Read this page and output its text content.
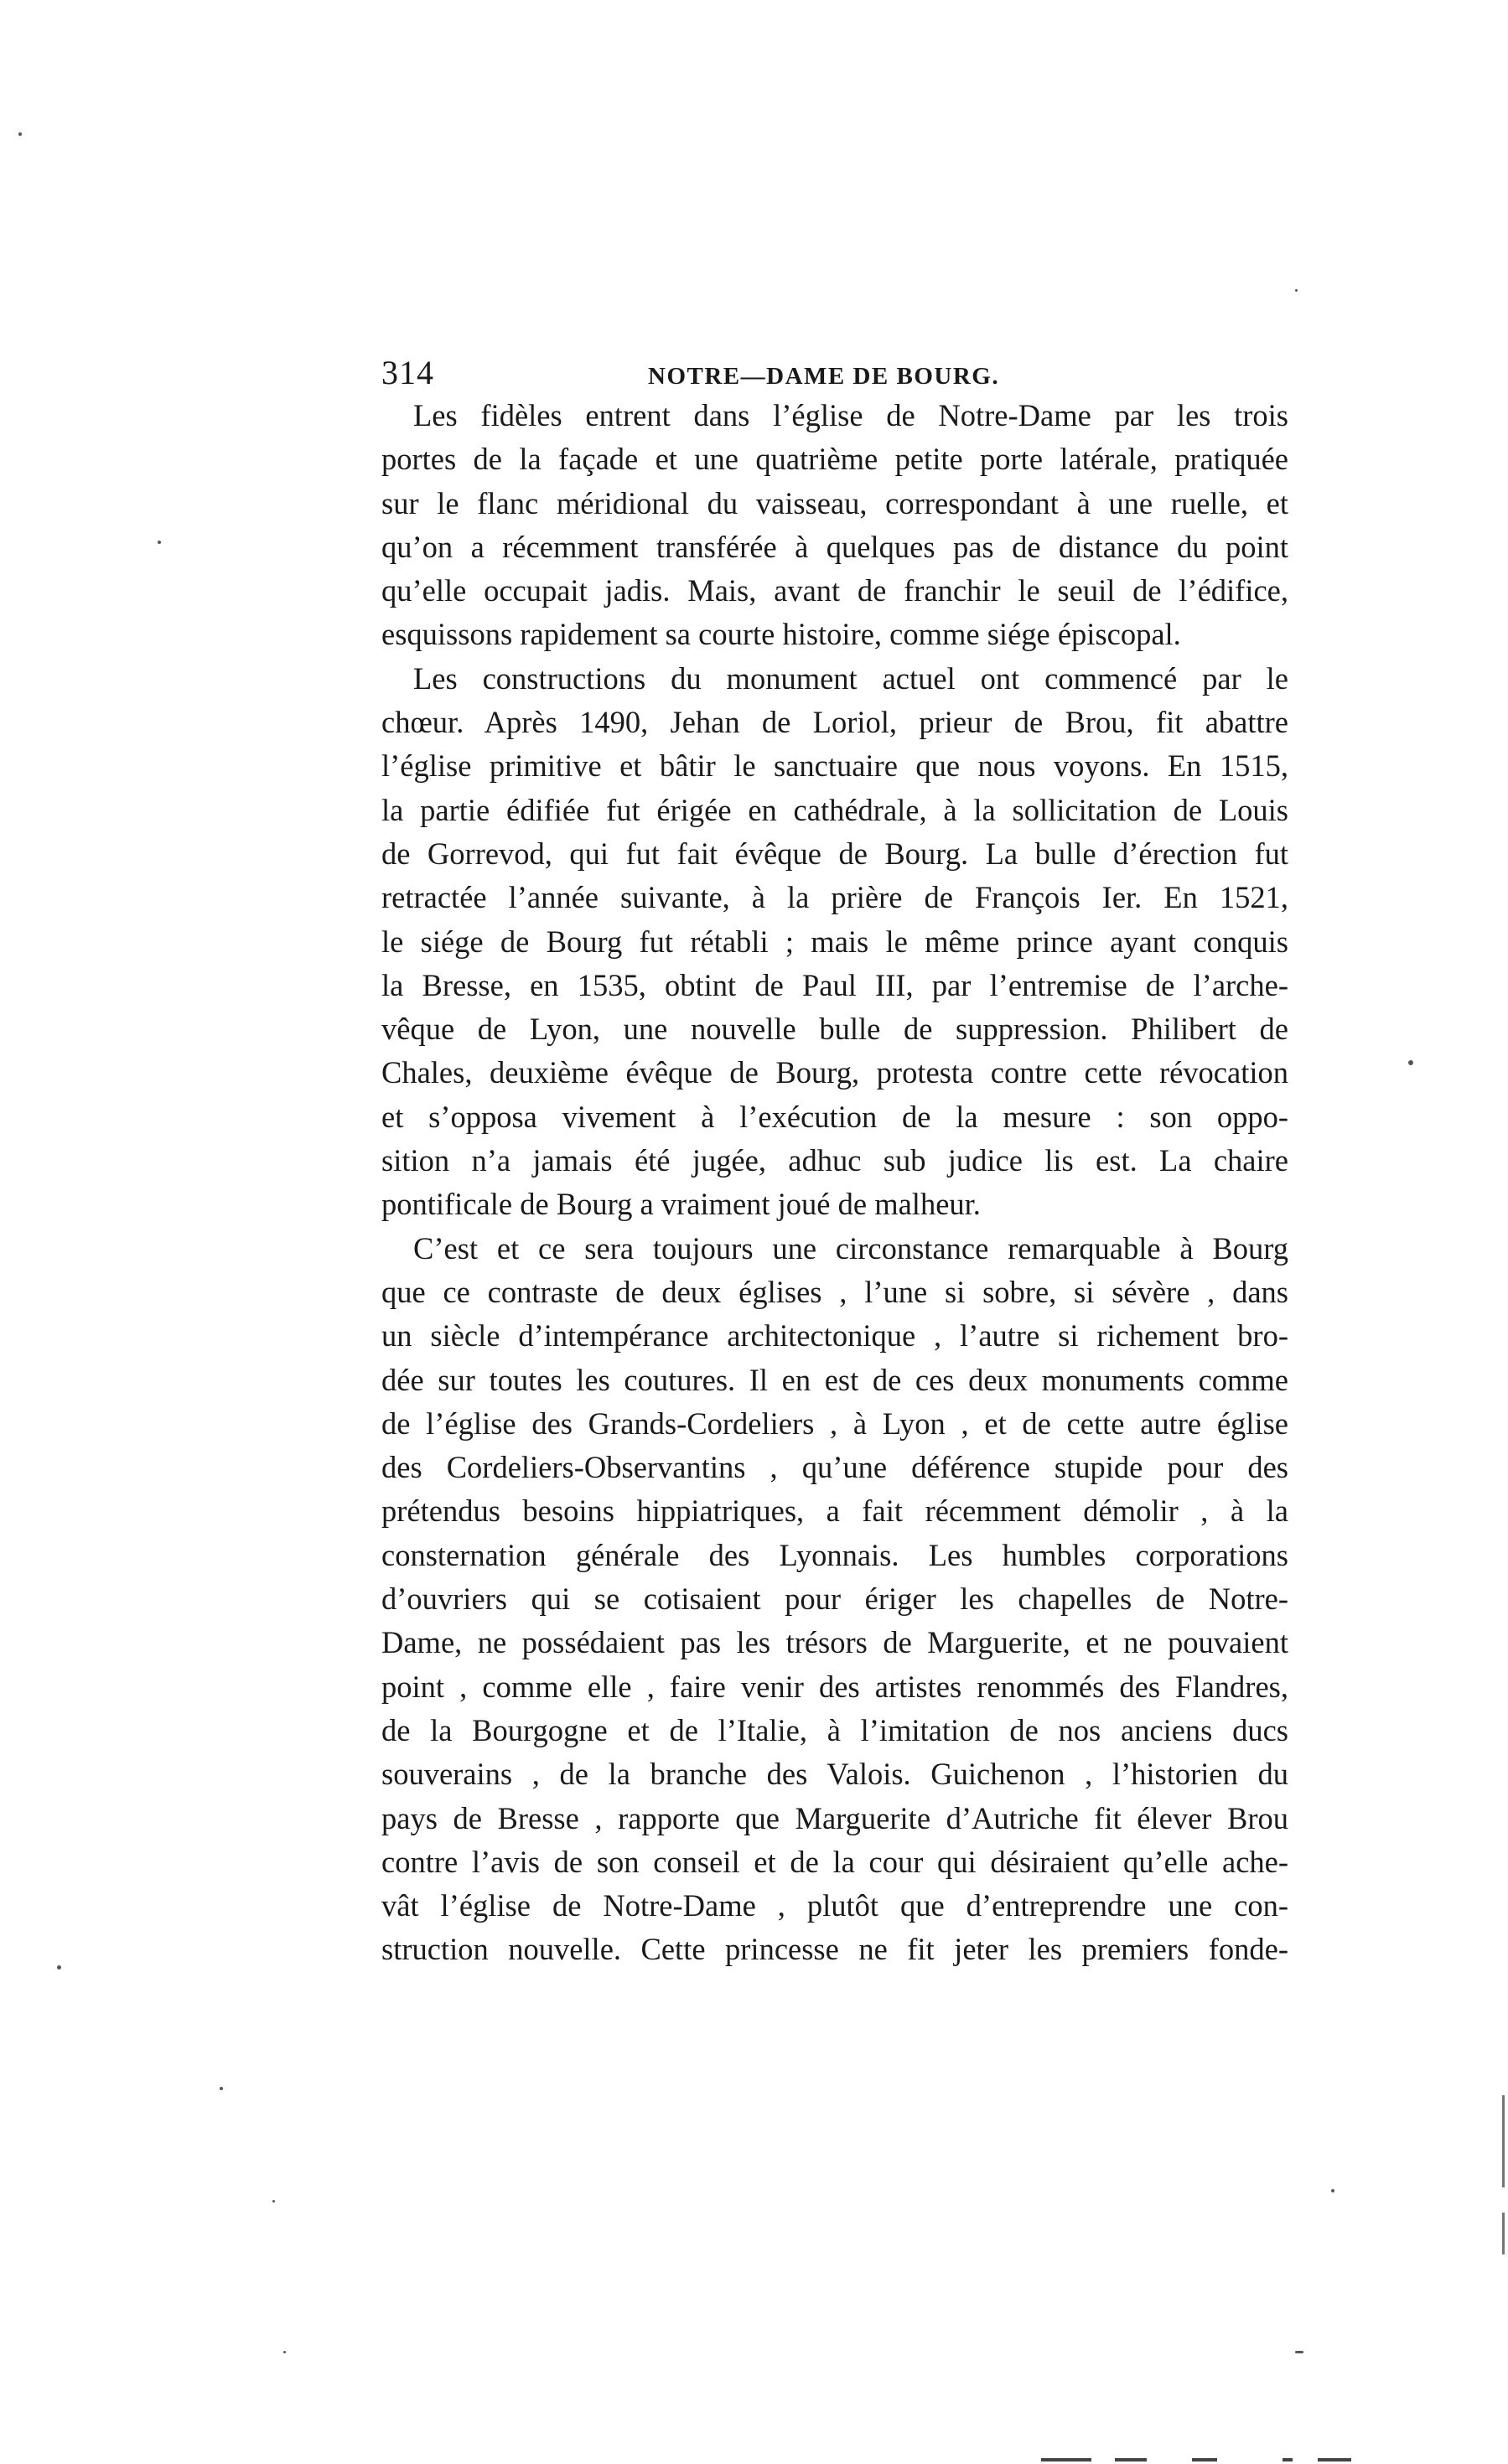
314	NOTRE—DAME DE BOURG.
Les fidèles entrent dans l’église de Notre-Dame par les trois
portes de la façade et une quatrième petite porte latérale, pratiquée
sur le flanc méridional du vaisseau, correspondant à une ruelle, et
qu’on a récemment transférée à quelques pas de distance du point
qu’elle occupait jadis. Mais, avant de franchir le seuil de l’édifice,
esquissons rapidement sa courte histoire, comme siége épiscopal.
Les constructions du monument actuel ont commencé par le
chœur. Après 1490, Jehan de Loriol, prieur de Brou, fit abattre
l’église primitive et bâtir le sanctuaire que nous voyons. En 1515,
la partie édifiée fut érigée en cathédrale, à la sollicitation de Louis
de Gorrevod, qui fut fait évêque de Bourg. La bulle d’érection fut
retractée l’année suivante, à la prière de François Ier. En 1521,
le siége de Bourg fut rétabli ; mais le même prince ayant conquis
la Bresse, en 1535, obtint de Paul III, par l’entremise de l’arche-
vêque de Lyon, une nouvelle bulle de suppression. Philibert de
Chales, deuxième évêque de Bourg, protesta contre cette révocation
et s’opposa vivement à l’exécution de la mesure : son oppo-
sition n’a jamais été jugée, adhuc sub judice lis est. La chaire
pontificale de Bourg a vraiment joué de malheur.
C’est et ce sera toujours une circonstance remarquable à Bourg
que ce contraste de deux églises , l’une si sobre, si sévère , dans
un siècle d’intempérance architectonique , l’autre si richement bro-
dée sur toutes les coutures. Il en est de ces deux monuments comme
de l’église des Grands-Cordeliers , à Lyon , et de cette autre église
des Cordeliers-Observantins , qu’une déférence stupide pour des
prétendus besoins hippiatriques, a fait récemment démolir , à la
consternation générale des Lyonnais. Les humbles corporations
d’ouvriers qui se cotisaient pour ériger les chapelles de Notre-
Dame, ne possédaient pas les trésors de Marguerite, et ne pouvaient
point , comme elle , faire venir des artistes renommés des Flandres,
de la Bourgogne et de l’Italie, à l’imitation de nos anciens ducs
souverains , de la branche des Valois. Guichenon , l’historien du
pays de Bresse , rapporte que Marguerite d’Autriche fit élever Brou
contre l’avis de son conseil et de la cour qui désiraient qu’elle ache-
vât l’église de Notre-Dame , plutôt que d’entreprendre une con-
struction nouvelle. Cette princesse ne fit jeter les premiers fonde-
